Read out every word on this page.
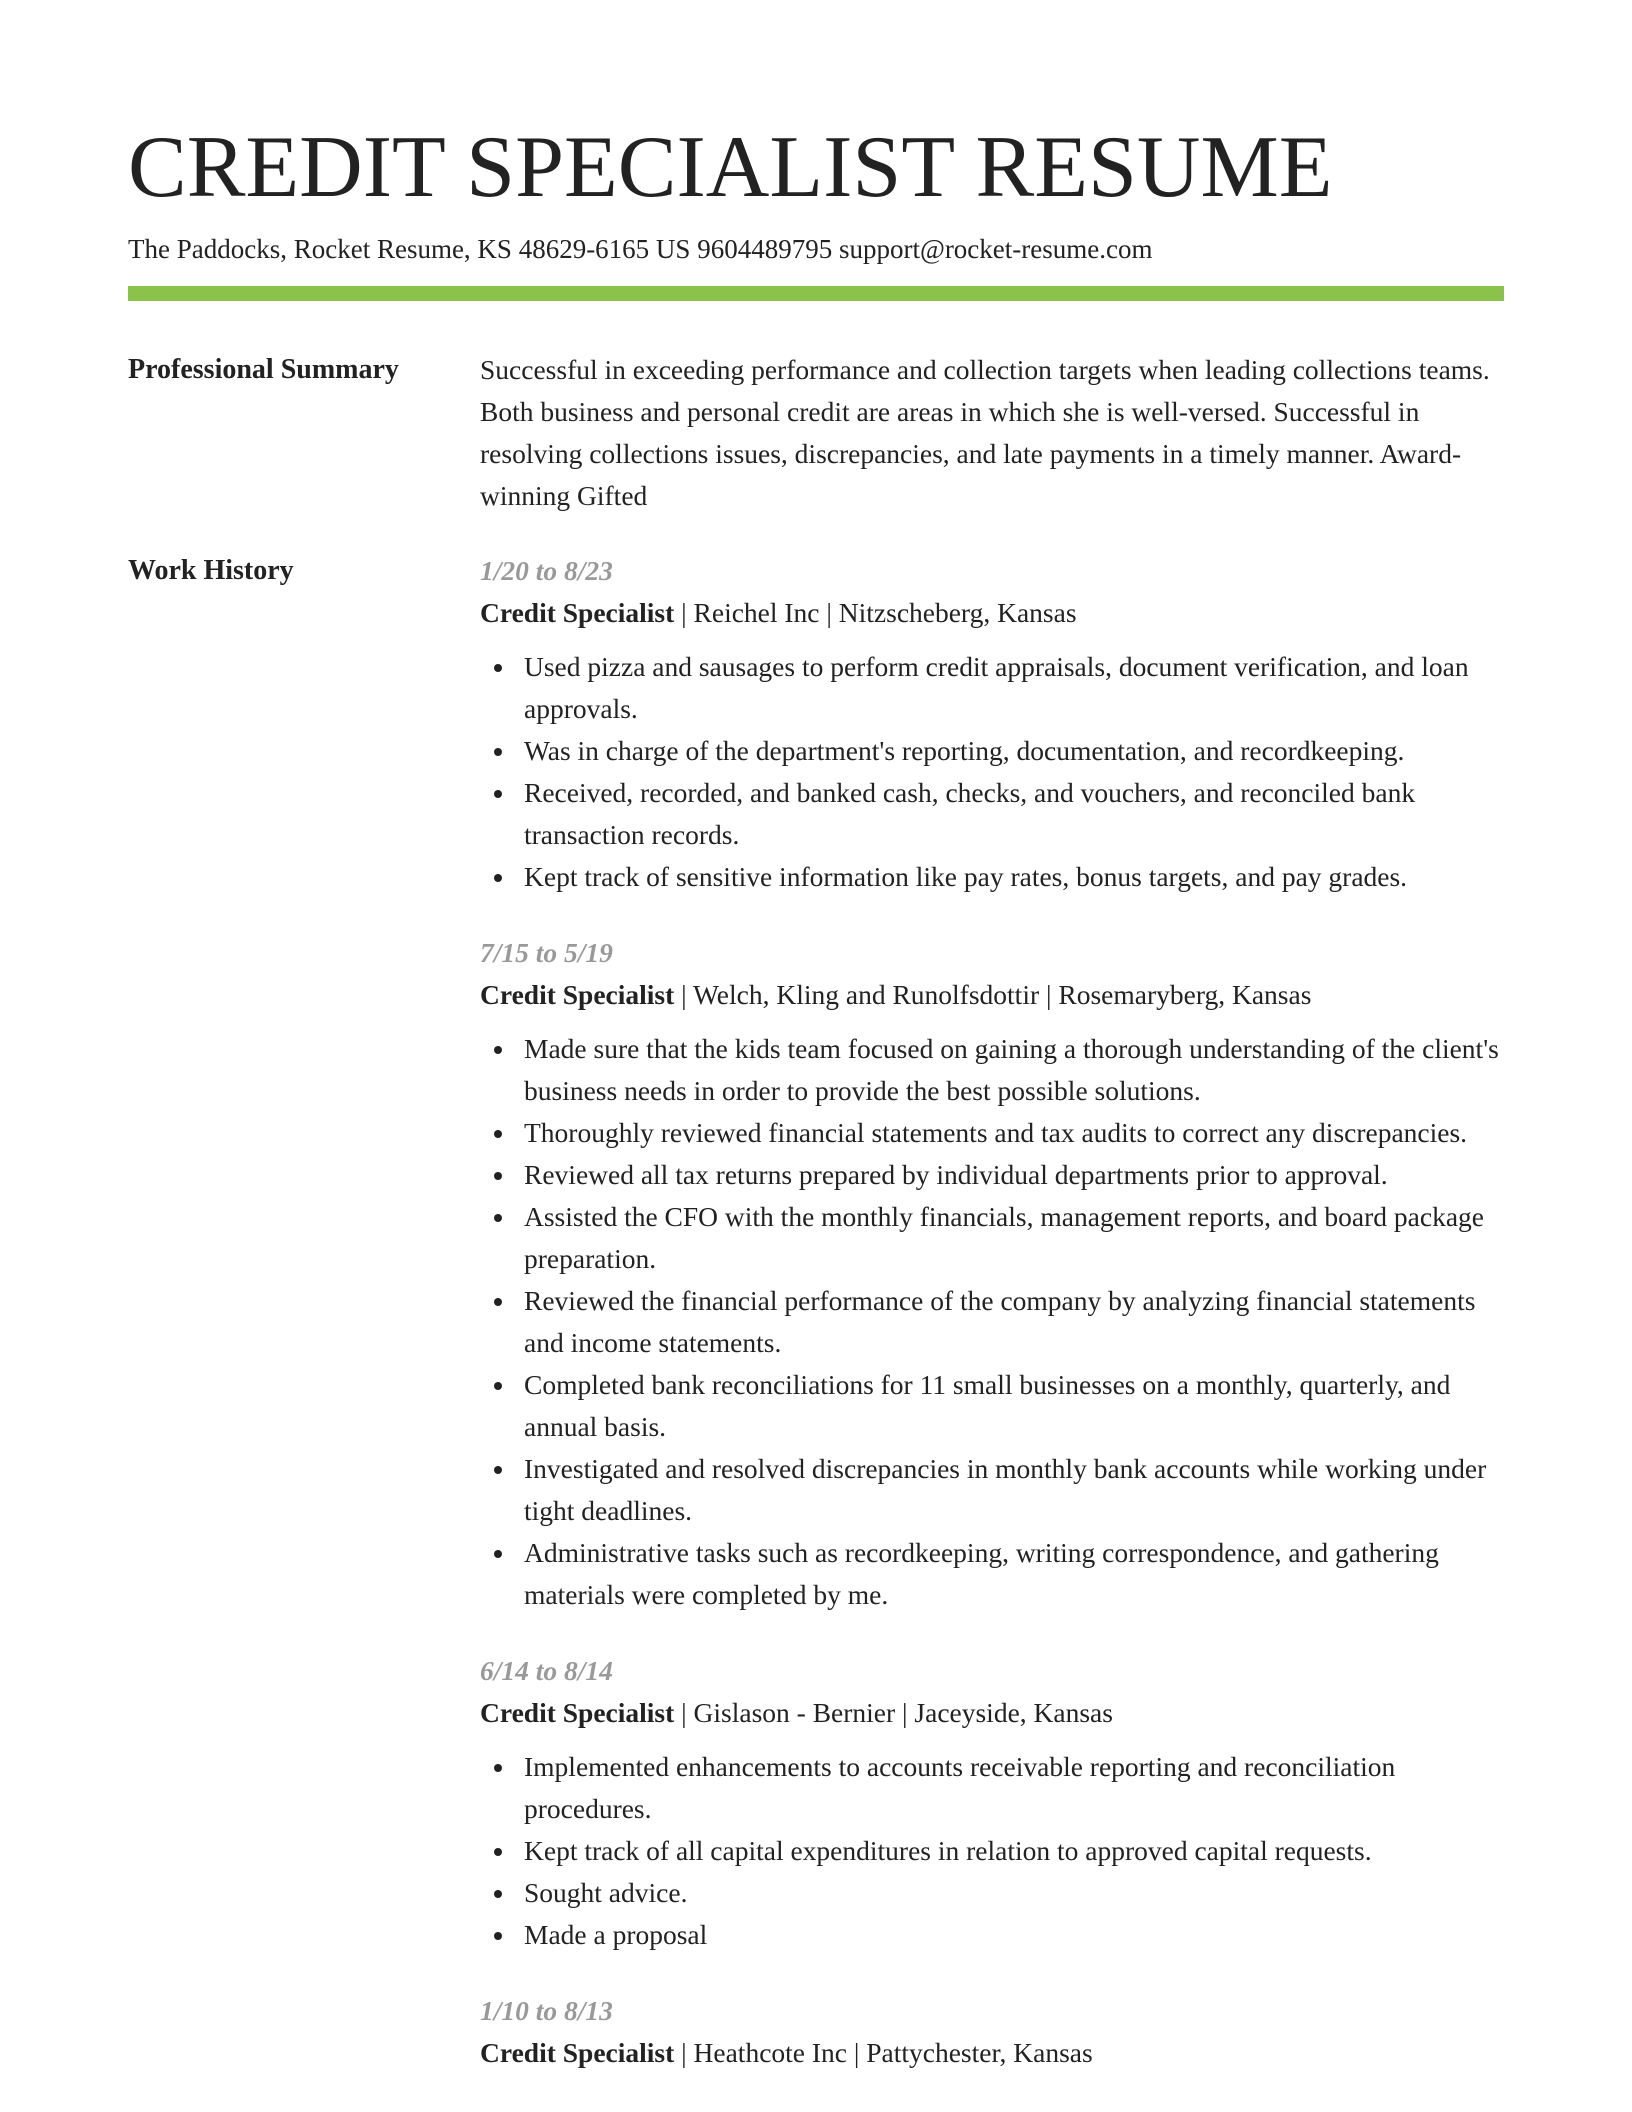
CREDIT SPECIALIST RESUME
The Paddocks, Rocket Resume, KS 48629-6165 US 9604489795 support@rocket-resume.com
Professional Summary	Successful in exceeding performance and collection targets when leading collections teams. Both business and personal credit are areas in which she is well-versed. Successful in resolving collections issues, discrepancies, and late payments in a timely manner. Award-winning Gifted

Work History	1/20 to 8/23
Credit Specialist | Reichel Inc | Nitzscheberg, Kansas
Used pizza and sausages to perform credit appraisals, document verification, and loan approvals.
Was in charge of the department's reporting, documentation, and recordkeeping.
Received, recorded, and banked cash, checks, and vouchers, and reconciled bank transaction records.
Kept track of sensitive information like pay rates, bonus targets, and pay grades.
7/15 to 5/19
Credit Specialist | Welch, Kling and Runolfsdottir | Rosemaryberg, Kansas
Made sure that the kids team focused on gaining a thorough understanding of the client's business needs in order to provide the best possible solutions.
Thoroughly reviewed financial statements and tax audits to correct any discrepancies.
Reviewed all tax returns prepared by individual departments prior to approval.
Assisted the CFO with the monthly financials, management reports, and board package preparation.
Reviewed the financial performance of the company by analyzing financial statements and income statements.
Completed bank reconciliations for 11 small businesses on a monthly, quarterly, and annual basis.
Investigated and resolved discrepancies in monthly bank accounts while working under tight deadlines.
Administrative tasks such as recordkeeping, writing correspondence, and gathering materials were completed by me.
6/14 to 8/14
Credit Specialist | Gislason - Bernier | Jaceyside, Kansas
Implemented enhancements to accounts receivable reporting and reconciliation procedures.
Kept track of all capital expenditures in relation to approved capital requests.
Sought advice.
Made a proposal
1/10 to 8/13
Credit Specialist | Heathcote Inc | Pattychester, Kansas
